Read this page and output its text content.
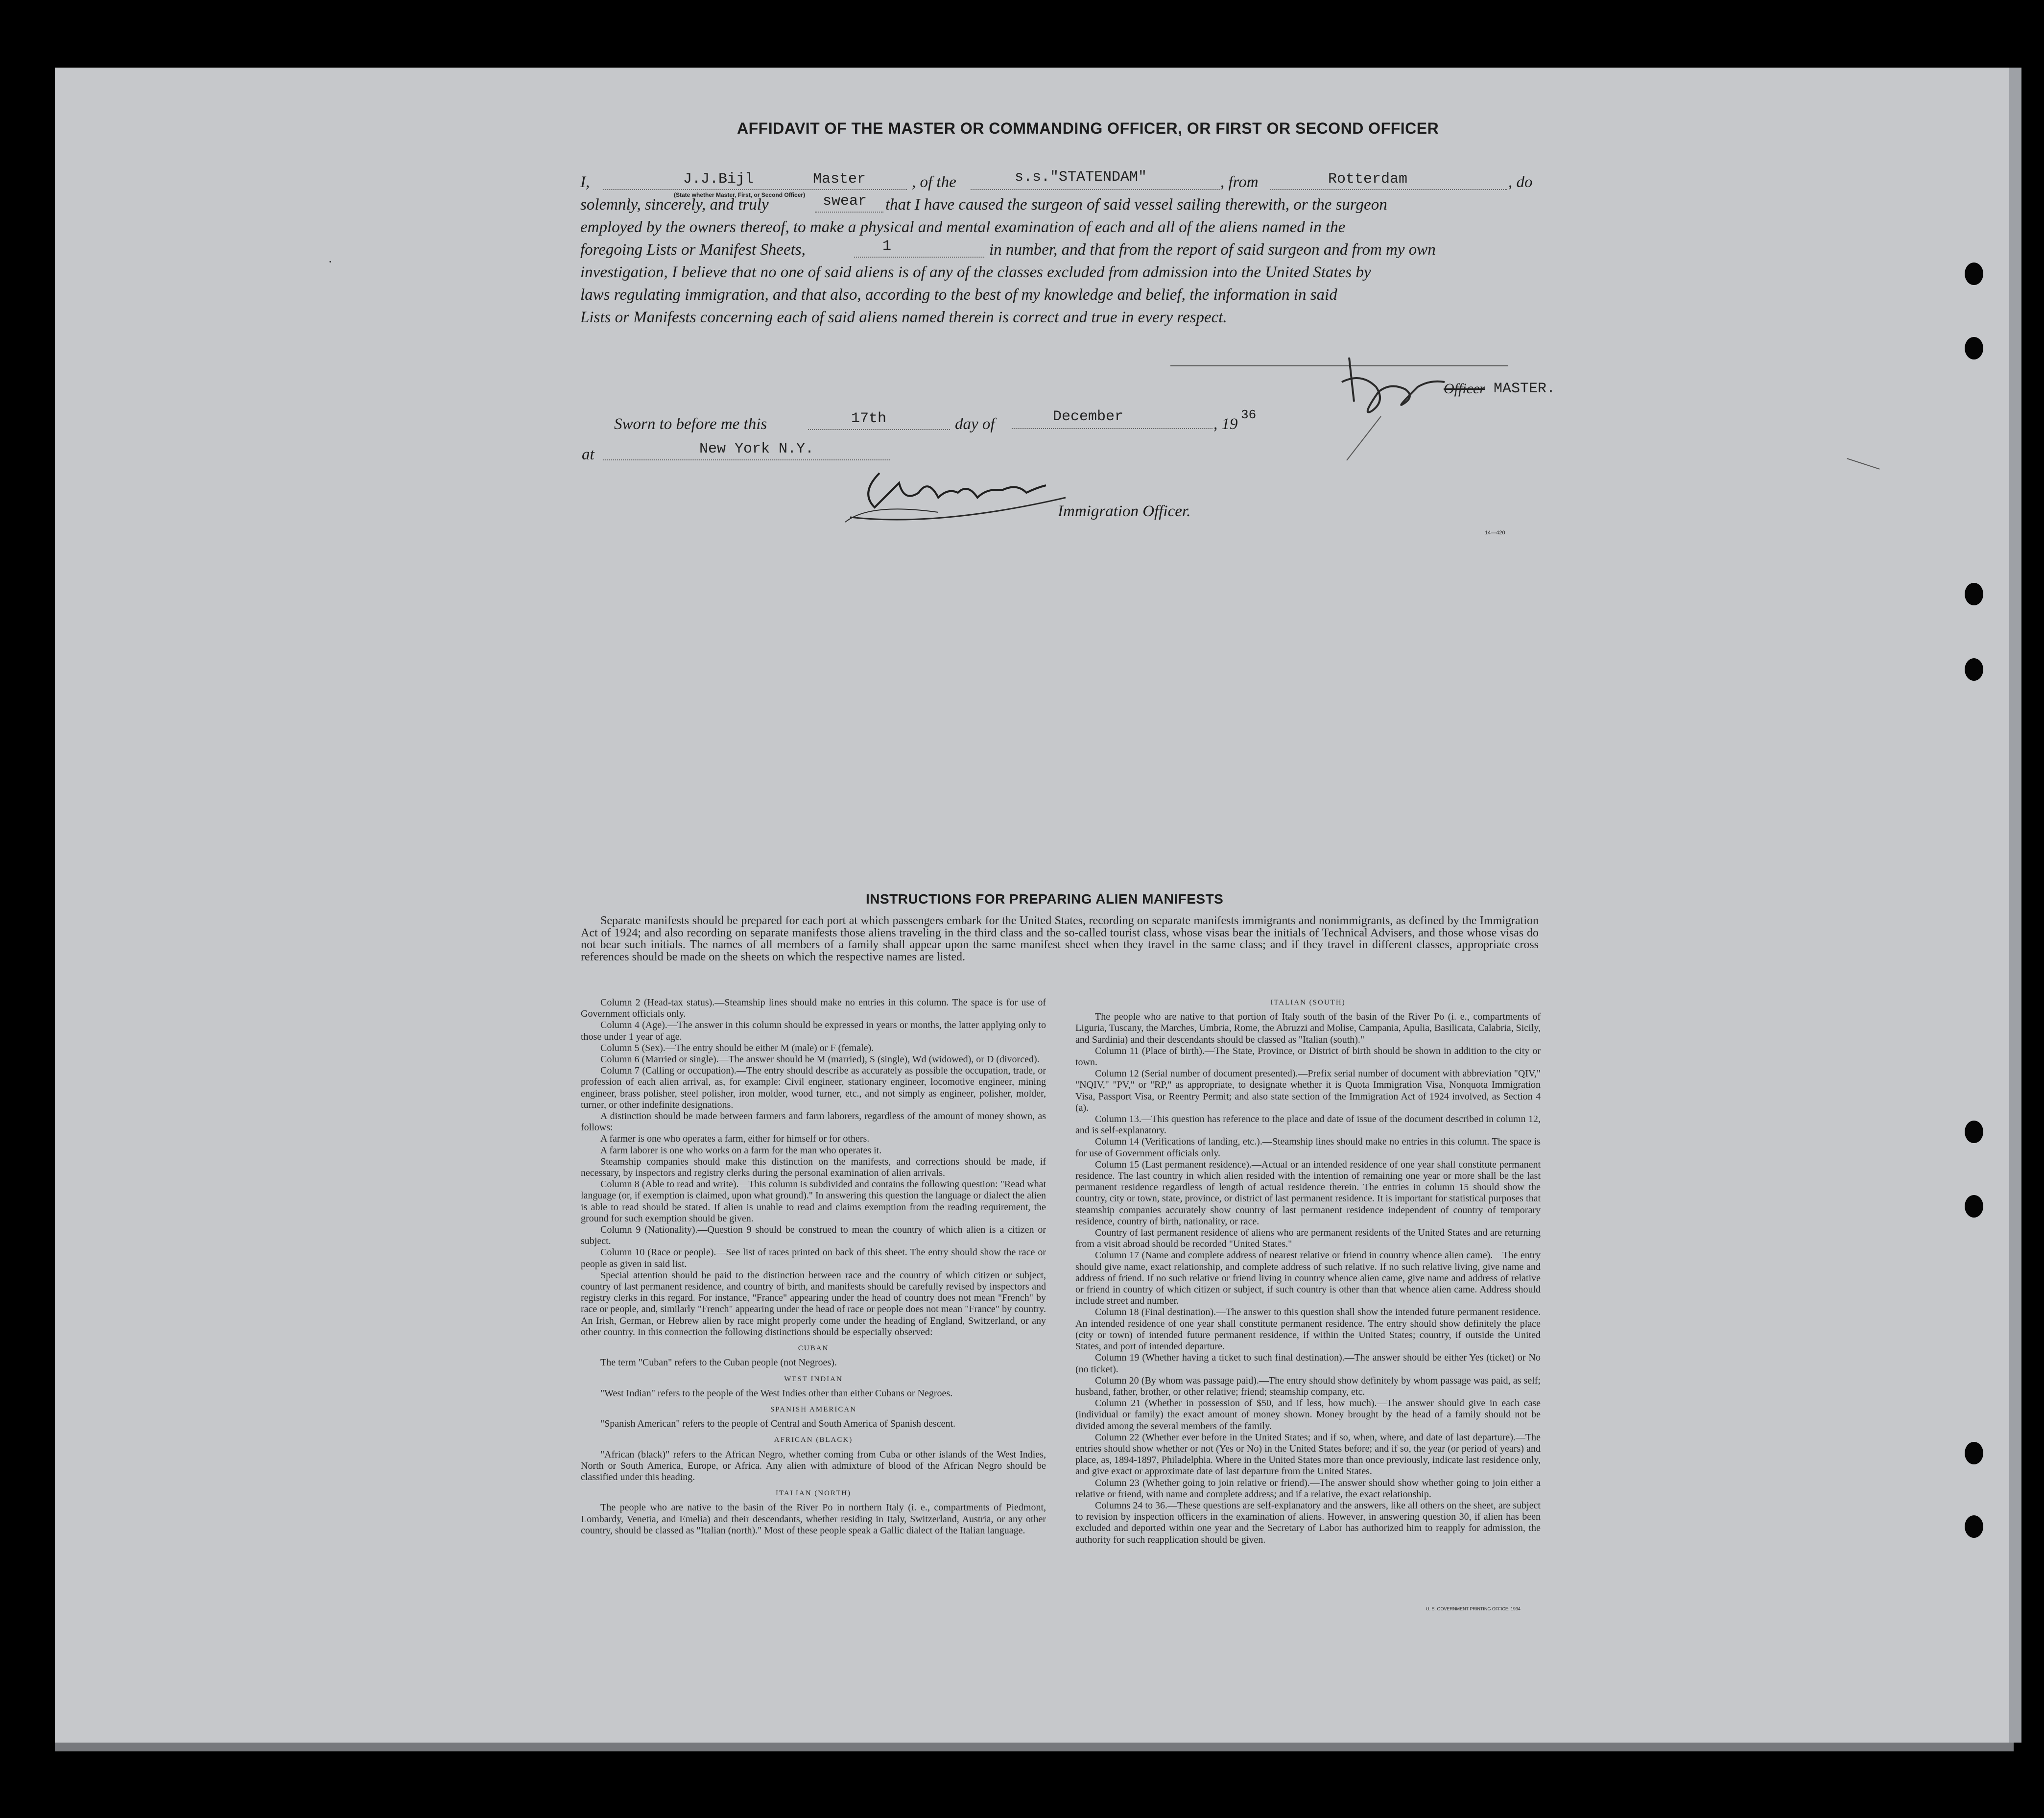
AFFIDAVIT OF THE MASTER OR COMMANDING OFFICER, OR FIRST OR SECOND OFFICER
I,	J.J.Bijl	Master
(State whether Master, First, or Second Officer)
, of the	s.s."STATENDAM"	, from	Rotterdam	, do
solemnly, sincerely, and truly	swear that I have caused the surgeon of said vessel sailing therewith, or the surgeon
employed by the owners thereof, to make a physical and mental examination of each and all of the aliens named in the
foregoing Lists or Manifest Sheets,	1	in number, and that from the report of said surgeon and from my own
investigation, I believe that no one of said aliens is of any of the classes excluded from admission into the United States by
laws regulating immigration, and that also, according to the best of my knowledge and belief, the information in said
Lists or Manifests concerning each of said aliens named therein is correct and true in every respect.
Officer MASTER.
·
Sworn to before me this	17th	day of	December	, 19
36
at	New York N.Y.
Immigration Officer.
14—420
INSTRUCTIONS FOR PREPARING ALIEN MANIFESTS

Separate manifests should be prepared for each port at which passengers embark for the United States, recording on separate manifests immigrants and nonimmigrants, as defined by the Immigration Act of 1924; and also recording on separate manifests those aliens traveling in the third class and the so-called tourist class, whose visas bear the initials of Technical Advisers, and those whose visas do not bear such initials. The names of all members of a family shall appear upon the same manifest sheet when they travel in the same class; and if they travel in different classes, appropriate cross references should be made on the sheets on which the respective names are listed.

Column 2 (Head-tax status).—Steamship lines should make no entries in this column. The space is for use of Government officials only.

Column 4 (Age).—The answer in this column should be expressed in years or months, the latter applying only to those under 1 year of age.

Column 5 (Sex).—The entry should be either M (male) or F (female).

Column 6 (Married or single).—The answer should be M (married), S (single), Wd (widowed), or D (divorced).

Column 7 (Calling or occupation).—The entry should describe as accurately as possible the occupation, trade, or profession of each alien arrival, as, for example: Civil engineer, stationary engineer, locomotive engineer, mining engineer, brass polisher, steel polisher, iron molder, wood turner, etc., and not simply as engineer, polisher, molder, turner, or other indefinite designations.

A distinction should be made between farmers and farm laborers, regardless of the amount of money shown, as follows:

A farmer is one who operates a farm, either for himself or for others.

A farm laborer is one who works on a farm for the man who operates it.

Steamship companies should make this distinction on the manifests, and corrections should be made, if necessary, by inspectors and registry clerks during the personal examination of alien arrivals.

Column 8 (Able to read and write).—This column is subdivided and contains the following question: "Read what language (or, if exemption is claimed, upon what ground)." In answering this question the language or dialect the alien is able to read should be stated. If alien is unable to read and claims exemption from the reading requirement, the ground for such exemption should be given.

Column 9 (Nationality).—Question 9 should be construed to mean the country of which alien is a citizen or subject.

Column 10 (Race or people).—See list of races printed on back of this sheet. The entry should show the race or people as given in said list.

Special attention should be paid to the distinction between race and the country of which citizen or subject, country of last permanent residence, and country of birth, and manifests should be carefully revised by inspectors and registry clerks in this regard. For instance, "France" appearing under the head of country does not mean "French" by race or people, and, similarly "French" appearing under the head of race or people does not mean "France" by country. An Irish, German, or Hebrew alien by race might properly come under the heading of England, Switzerland, or any other country. In this connection the following distinctions should be especially observed:

CUBAN

The term "Cuban" refers to the Cuban people (not Negroes).

WEST INDIAN

"West Indian" refers to the people of the West Indies other than either Cubans or Negroes.

SPANISH AMERICAN

"Spanish American" refers to the people of Central and South America of Spanish descent.

AFRICAN (BLACK)

"African (black)" refers to the African Negro, whether coming from Cuba or other islands of the West Indies, North or South America, Europe, or Africa. Any alien with admixture of blood of the African Negro should be classified under this heading.

ITALIAN (NORTH)

The people who are native to the basin of the River Po in northern Italy (i. e., compartments of Piedmont, Lombardy, Venetia, and Emelia) and their descendants, whether residing in Italy, Switzerland, Austria, or any other country, should be classed as "Italian (north)." Most of these people speak a Gallic dialect of the Italian language.

ITALIAN (SOUTH)

The people who are native to that portion of Italy south of the basin of the River Po (i. e., compartments of Liguria, Tuscany, the Marches, Umbria, Rome, the Abruzzi and Molise, Campania, Apulia, Basilicata, Calabria, Sicily, and Sardinia) and their descendants should be classed as "Italian (south)."

Column 11 (Place of birth).—The State, Province, or District of birth should be shown in addition to the city or town.

Column 12 (Serial number of document presented).—Prefix serial number of document with abbreviation "QIV," "NQIV," "PV," or "RP," as appropriate, to designate whether it is Quota Immigration Visa, Nonquota Immigration Visa, Passport Visa, or Reentry Permit; and also state section of the Immigration Act of 1924 involved, as Section 4 (a).

Column 13.—This question has reference to the place and date of issue of the document described in column 12, and is self-explanatory.

Column 14 (Verifications of landing, etc.).—Steamship lines should make no entries in this column. The space is for use of Government officials only.

Column 15 (Last permanent residence).—Actual or an intended residence of one year shall constitute permanent residence. The last country in which alien resided with the intention of remaining one year or more shall be the last permanent residence regardless of length of actual residence therein. The entries in column 15 should show the country, city or town, state, province, or district of last permanent residence. It is important for statistical purposes that steamship companies accurately show country of last permanent residence independent of country of temporary residence, country of birth, nationality, or race.

Country of last permanent residence of aliens who are permanent residents of the United States and are returning from a visit abroad should be recorded "United States."

Column 17 (Name and complete address of nearest relative or friend in country whence alien came).—The entry should give name, exact relationship, and complete address of such relative. If no such relative living, give name and address of friend. If no such relative or friend living in country whence alien came, give name and address of relative or friend in country of which citizen or subject, if such country is other than that whence alien came. Address should include street and number.

Column 18 (Final destination).—The answer to this question shall show the intended future permanent residence. An intended residence of one year shall constitute permanent residence. The entry should show definitely the place (city or town) of intended future permanent residence, if within the United States; country, if outside the United States, and port of intended departure.

Column 19 (Whether having a ticket to such final destination).—The answer should be either Yes (ticket) or No (no ticket).

Column 20 (By whom was passage paid).—The entry should show definitely by whom passage was paid, as self; husband, father, brother, or other relative; friend; steamship company, etc.

Column 21 (Whether in possession of $50, and if less, how much).—The answer should give in each case (individual or family) the exact amount of money shown. Money brought by the head of a family should not be divided among the several members of the family.

Column 22 (Whether ever before in the United States; and if so, when, where, and date of last departure).—The entries should show whether or not (Yes or No) in the United States before; and if so, the year (or period of years) and place, as, 1894-1897, Philadelphia. Where in the United States more than once previously, indicate last residence only, and give exact or approximate date of last departure from the United States.

Column 23 (Whether going to join relative or friend).—The answer should show whether going to join either a relative or friend, with name and complete address; and if a relative, the exact relationship.

Columns 24 to 36.—These questions are self-explanatory and the answers, like all others on the sheet, are subject to revision by inspection officers in the examination of aliens. However, in answering question 30, if alien has been excluded and deported within one year and the Secretary of Labor has authorized him to reapply for admission, the authority for such reapplication should be given.

U. S. GOVERNMENT PRINTING OFFICE: 1934
